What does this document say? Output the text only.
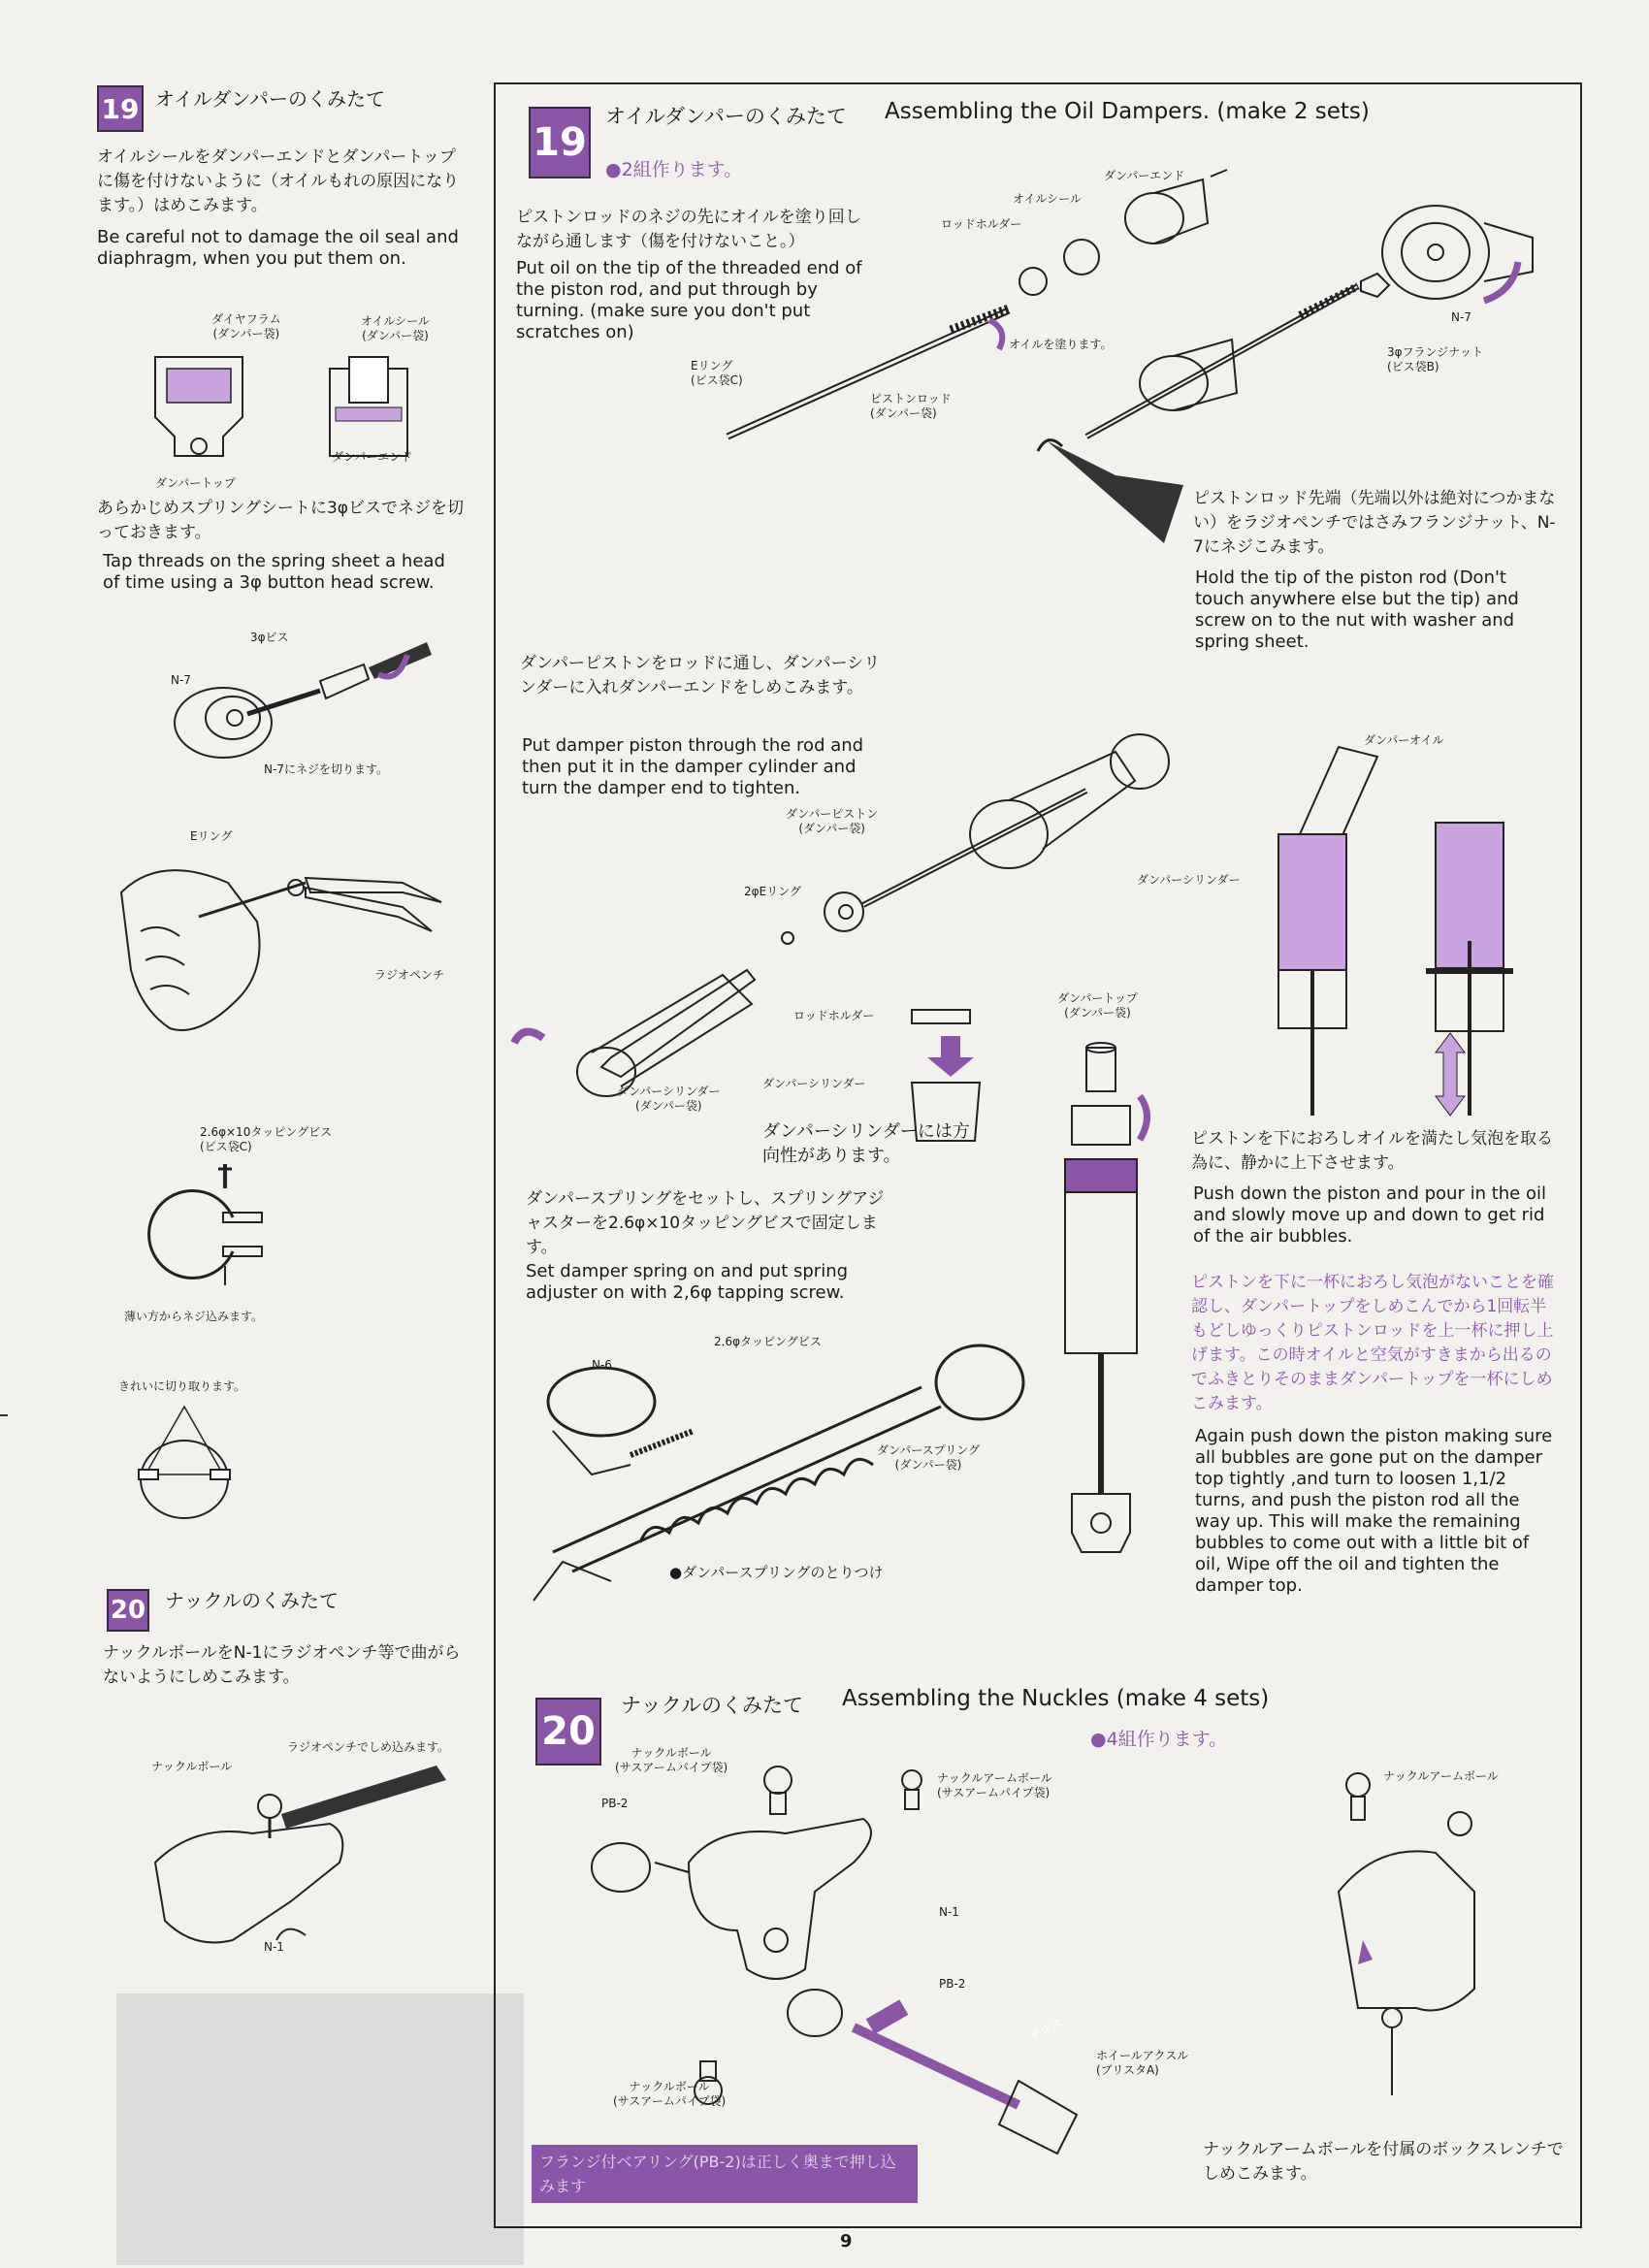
19 オイルダンパーのくみたて
オイルシールをダンパーエンドとダンパートップに傷を付けないように（オイルもれの原因になります。）はめこみます。
Be careful not to damage the oil seal and diaphragm, when you put them on.
ダイヤフラム
(ダンパー袋)
オイルシール
(ダンパー袋)
ダンパートップ
ダンパーエンド
あらかじめスプリングシートに3φビスでネジを切っておきます。
Tap threads on the spring sheet a head of time using a 3φ button head screw.
3φビス
N-7
N-7にネジを切ります。
Eリング
ラジオペンチ
2.6φ×10タッピングビス
(ビス袋C)
薄い方からネジ込みます。
きれいに切り取ります。
20 ナックルのくみたて
ナックルボールをN-1にラジオペンチ等で曲がらないようにしめこみます。
ラジオペンチでしめ込みます。
ナックルボール
N-1
19
オイルダンパーのくみたて Assembling the Oil Dampers. (make 2 sets)
●2組作ります。
ピストンロッドのネジの先にオイルを塗り回しながら通します（傷を付けないこと。）
Put oil on the tip of the threaded end of the piston rod, and put through by turning. (make sure you don't put scratches on)
ダンパーエンド
オイルシール
ロッドホルダー
オイルを塗ります。
Eリング
(ビス袋C)
ピストンロッド
(ダンパー袋)
N-7
3φフランジナット
(ビス袋B)
ピストンロッド先端（先端以外は絶対につかまない）をラジオペンチではさみフランジナット、N-7にネジこみます。
Hold the tip of the piston rod (Don't touch anywhere else but the tip) and screw on to the nut with washer and spring sheet.
ダンパーピストンをロッドに通し、ダンパーシリンダーに入れダンパーエンドをしめこみます。
Put damper piston through the rod and then put it in the damper cylinder and turn the damper end to tighten.
ダンパーピストン
(ダンパー袋)
2φEリング
ロッドホルダー
ダンパーシリンダー
(ダンパー袋)
ダンパーシリンダー
ダンパーシリンダーには方向性があります。
ダンパートップ
(ダンパー袋)
ダンパーオイル
ダンパーシリンダー
ダンパースプリングをセットし、スプリングアジャスターを2.6φ×10タッピングビスで固定します。
Set damper spring on and put spring adjuster on with 2,6φ tapping screw.
2.6φタッピングビス
N-6
ダンパースプリング
(ダンパー袋)
●ダンパースプリングのとりつけ
ピストンを下におろしオイルを満たし気泡を取る為に、静かに上下させます。
Push down the piston and pour in the oil and slowly move up and down to get rid of the air bubbles.
ピストンを下に一杯におろし気泡がないことを確認し、ダンパートップをしめこんでから1回転半もどしゆっくりピストンロッドを上一杯に押し上げます。この時オイルと空気がすきまから出るのでふきとりそのままダンパートップを一杯にしめこみます。
Again push down the piston making sure all bubbles are gone put on the damper top tightly ,and turn to loosen 1,1/2 turns, and push the piston rod all the way up. This will make the remaining bubbles to come out with a little bit of oil, Wipe off the oil and tighten the damper top.
20
ナックルのくみたて Assembling the Nuckles (make 4 sets)
●4組作ります。
ナックルボール
(サスアームパイプ袋)
ナックルアームボール
(サスアームパイプ袋)
ナックルアームボール
PB-2
N-1
PB-2
ホイールアクスル
(ブリスタA)
ナックルボール
(サスアームパイプ袋)
グリス
フランジ付ベアリング(PB-2)は正しく奥まで押し込みます
ナックルアームボールを付属のボックスレンチでしめこみます。
9
